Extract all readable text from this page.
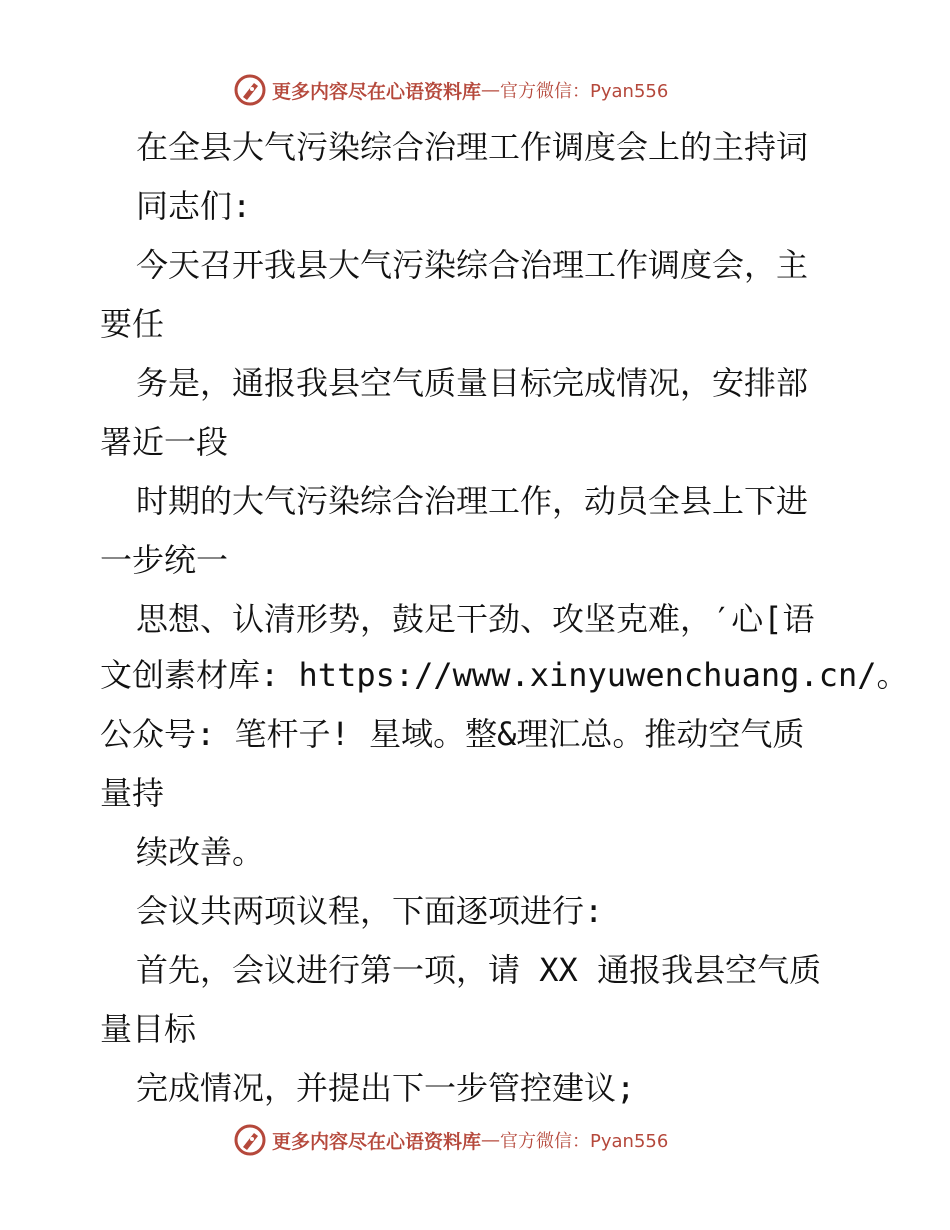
更多内容尽在心语资料库 — 官方微信：Pyan556

在全县大气污染综合治理工作调度会上的主持词

同志们:

今天召开我县大气污染综合治理工作调度会，主

要任

务是，通报我县空气质量目标完成情况，安排部

署近一段

时期的大气污染综合治理工作，动员全县上下进

一步统一

思想、认清形势，鼓足干劲、攻坚克难，′心[语

文创素材库: https://www.xinyuwenchuang.cn/。

公众号: 笔杆子! 星域。整&理汇总。推动空气质

量持

续改善。

会议共两项议程，下面逐项进行:

首先，会议进行第一项，请 XX 通报我县空气质

量目标

完成情况，并提出下一步管控建议;

更多内容尽在心语资料库 — 官方微信：Pyan556
